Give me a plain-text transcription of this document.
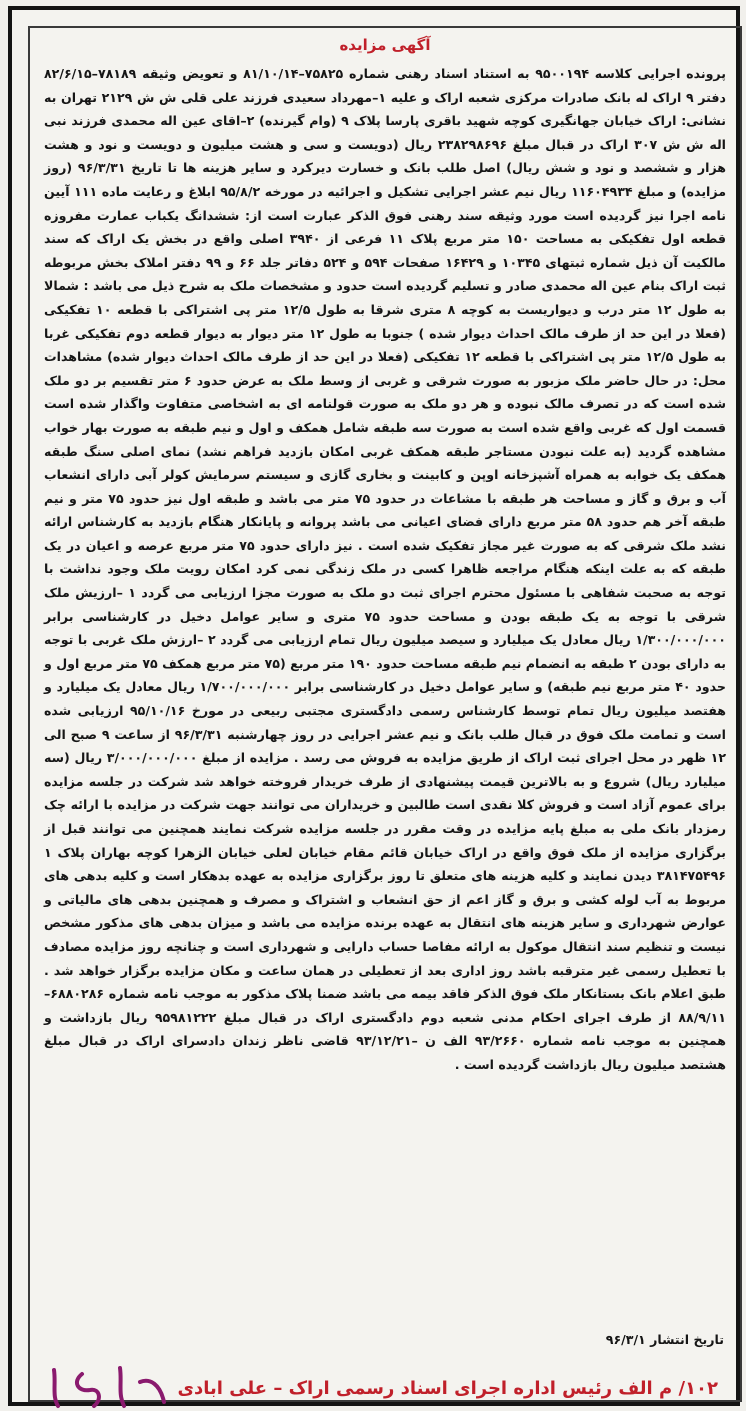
آگهی مزایده
پرونده اجرایی کلاسه ۹۵۰۰۱۹۴ به استناد اسناد رهنی شماره ۷۵۸۲۵–۸۱/۱۰/۱۴ و تعویض وثیقه ۷۸۱۸۹–۸۲/۶/۱۵ دفتر ۹ اراک له بانک صادرات مرکزی شعبه اراک و علیه ۱–مهرداد سعیدی فرزند علی قلی ش ش ۲۱۲۹ تهران به نشانی: اراک خیابان جهانگیری کوچه شهید باقری پارسا پلاک ۹ (وام گیرنده) ۲–اقای عین اله محمدی فرزند نبی اله ش ش ۳۰۷ اراک در قبال مبلغ ۲۳۸۲۹۸۶۹۶ ریال (دویست و سی و هشت میلیون و دویست و نود و هشت هزار و ششصد و نود و شش ریال) اصل طلب بانک و خسارت دیرکرد و سایر هزینه ها تا تاریخ ۹۶/۳/۳۱ (روز مزایده) و مبلغ ۱۱۶۰۴۹۳۴ ریال نیم عشر اجرایی تشکیل و اجرائیه در مورخه ۹۵/۸/۲ ابلاغ و رعایت ماده ۱۱۱ آیین نامه اجرا نیز گردیده است مورد وثیقه سند رهنی فوق الذکر عبارت است از: ششدانگ یکباب عمارت مفروزه قطعه اول تفکیکی به مساحت ۱۵۰ متر مربع پلاک ۱۱ فرعی از ۳۹۴۰ اصلی واقع در بخش یک اراک که سند مالکیت آن ذیل شماره ثبتهای ۱۰۳۴۵ و ۱۶۴۲۹ صفحات ۵۹۴ و ۵۲۴ دفاتر جلد ۶۶ و ۹۹ دفتر املاک بخش مربوطه ثبت اراک بنام عین اله محمدی صادر و تسلیم گردیده است حدود و مشخصات ملک به شرح ذیل می باشد : شمالا به طول ۱۲ متر درب و دیواریست به کوچه ۸ متری شرقا به طول ۱۲/۵ متر پی اشتراکی با قطعه ۱۰ تفکیکی (فعلا در این حد از طرف مالک احداث دیوار شده ) جنوبا به طول ۱۲ متر دیوار به دیوار قطعه دوم تفکیکی غربا به طول ۱۲/۵ متر پی اشتراکی با قطعه ۱۲ تفکیکی (فعلا در این حد از طرف مالک احداث دیوار شده) مشاهدات محل: در حال حاضر ملک مزبور به صورت شرقی و غربی از وسط ملک به عرض حدود ۶ متر تقسیم بر دو ملک شده است که در تصرف مالک نبوده و هر دو ملک به صورت قولنامه ای به اشخاصی متفاوت واگذار شده است قسمت اول که غربی واقع شده است به صورت سه طبقه شامل همکف و اول و نیم طبقه به صورت بهار خواب مشاهده گردید (به علت نبودن مستاجر طبقه همکف غربی امکان بازدید فراهم نشد) نمای اصلی سنگ طبقه همکف یک خوابه به همراه آشپزخانه اوپن و کابینت و بخاری گازی و سیستم سرمایش کولر آبی دارای انشعاب آب و برق و گاز و مساحت هر طبقه با مشاعات در حدود ۷۵ متر می باشد و طبقه اول نیز حدود ۷۵ متر و نیم طبقه آخر هم حدود ۵۸ متر مربع دارای فضای اعیانی می باشد پروانه و پایانکار هنگام بازدید به کارشناس ارائه نشد ملک شرقی که به صورت غیر مجاز تفکیک شده است . نیز دارای حدود ۷۵ متر مربع عرصه و اعیان در یک طبقه که به علت اینکه هنگام مراجعه ظاهرا کسی در ملک زندگی نمی کرد امکان رویت ملک وجود نداشت با توجه به صحبت شفاهی با مسئول محترم اجرای ثبت دو ملک به صورت مجزا ارزیابی می گردد ۱ –ارزیش ملک شرقی با توجه به یک طبقه بودن و مساحت حدود ۷۵ متری و سایر عوامل دخیل در کارشناسی برابر ۱/۳۰۰/۰۰۰/۰۰۰ ریال معادل یک میلیارد و سیصد میلیون ریال تمام ارزیابی می گردد ۲ –ارزش ملک غربی با توجه به دارای بودن ۲ طبقه به انضمام نیم طبقه مساحت حدود ۱۹۰ متر مربع (۷۵ متر مربع همکف ۷۵ متر مربع اول و حدود ۴۰ متر مربع نیم طبقه) و سایر عوامل دخیل در کارشناسی برابر ۱/۷۰۰/۰۰۰/۰۰۰ ریال معادل یک میلیارد و هفتصد میلیون ریال تمام توسط کارشناس رسمی دادگستری مجتبی ربیعی در مورخ ۹۵/۱۰/۱۶ ارزیابی شده است و تمامت ملک فوق در قبال طلب بانک و نیم عشر اجرایی در روز چهارشنبه ۹۶/۳/۳۱ از ساعت ۹ صبح الی ۱۲ ظهر در محل اجرای ثبت اراک از طریق مزایده به فروش می رسد . مزایده از مبلغ ۳/۰۰۰/۰۰۰/۰۰۰ ریال (سه میلیارد ریال) شروع و به بالاترین قیمت پیشنهادی از طرف خریدار فروخته خواهد شد شرکت در جلسه مزایده برای عموم آزاد است و فروش کلا نقدی است طالبین و خریداران می توانند جهت شرکت در مزایده با ارائه چک رمزدار بانک ملی به مبلغ پایه مزایده در وقت مقرر در جلسه مزایده شرکت نمایند همچنین می توانند قبل از برگزاری مزایده از ملک فوق واقع در اراک خیابان قائم مقام خیابان لعلی خیابان الزهرا کوچه بهاران پلاک ۱ ۳۸۱۴۷۵۴۹۶ دیدن نمایند و کلیه هزینه های متعلق تا روز برگزاری مزایده به عهده بدهکار است و کلیه بدهی های مربوط به آب لوله کشی و برق و گاز اعم از حق انشعاب و اشتراک و مصرف و همچنین بدهی های مالیاتی و عوارض شهرداری و سایر هزینه های انتقال به عهده برنده مزایده می باشد و میزان بدهی های مذکور مشخص نیست و تنظیم سند انتقال موکول به ارائه مفاصا حساب دارایی و شهرداری است و چنانچه روز مزایده مصادف با تعطیل رسمی غیر مترقبه باشد روز اداری بعد از تعطیلی در همان ساعت و مکان مزایده برگزار خواهد شد . طبق اعلام بانک بستانکار ملک فوق الذکر فاقد بیمه می باشد ضمنا پلاک مذکور به موجب نامه شماره ۶۸۸۰۲۸۶–۸۸/۹/۱۱ از طرف اجرای احکام مدنی شعبه دوم دادگستری اراک در قبال مبلغ ۹۵۹۸۱۲۲۲ ریال بازداشت و همچنین به موجب نامه شماره ۹۳/۲۶۶۰ الف ن –۹۳/۱۲/۲۱ قاضی ناظر زندان دادسرای اراک در قبال مبلغ هشتصد میلیون ریال بازداشت گردیده است .
تاریخ انتشار ۹۶/۳/۱
۱۰۲/ م الف رئیس اداره اجرای اسناد رسمی اراک – علی ابادی
